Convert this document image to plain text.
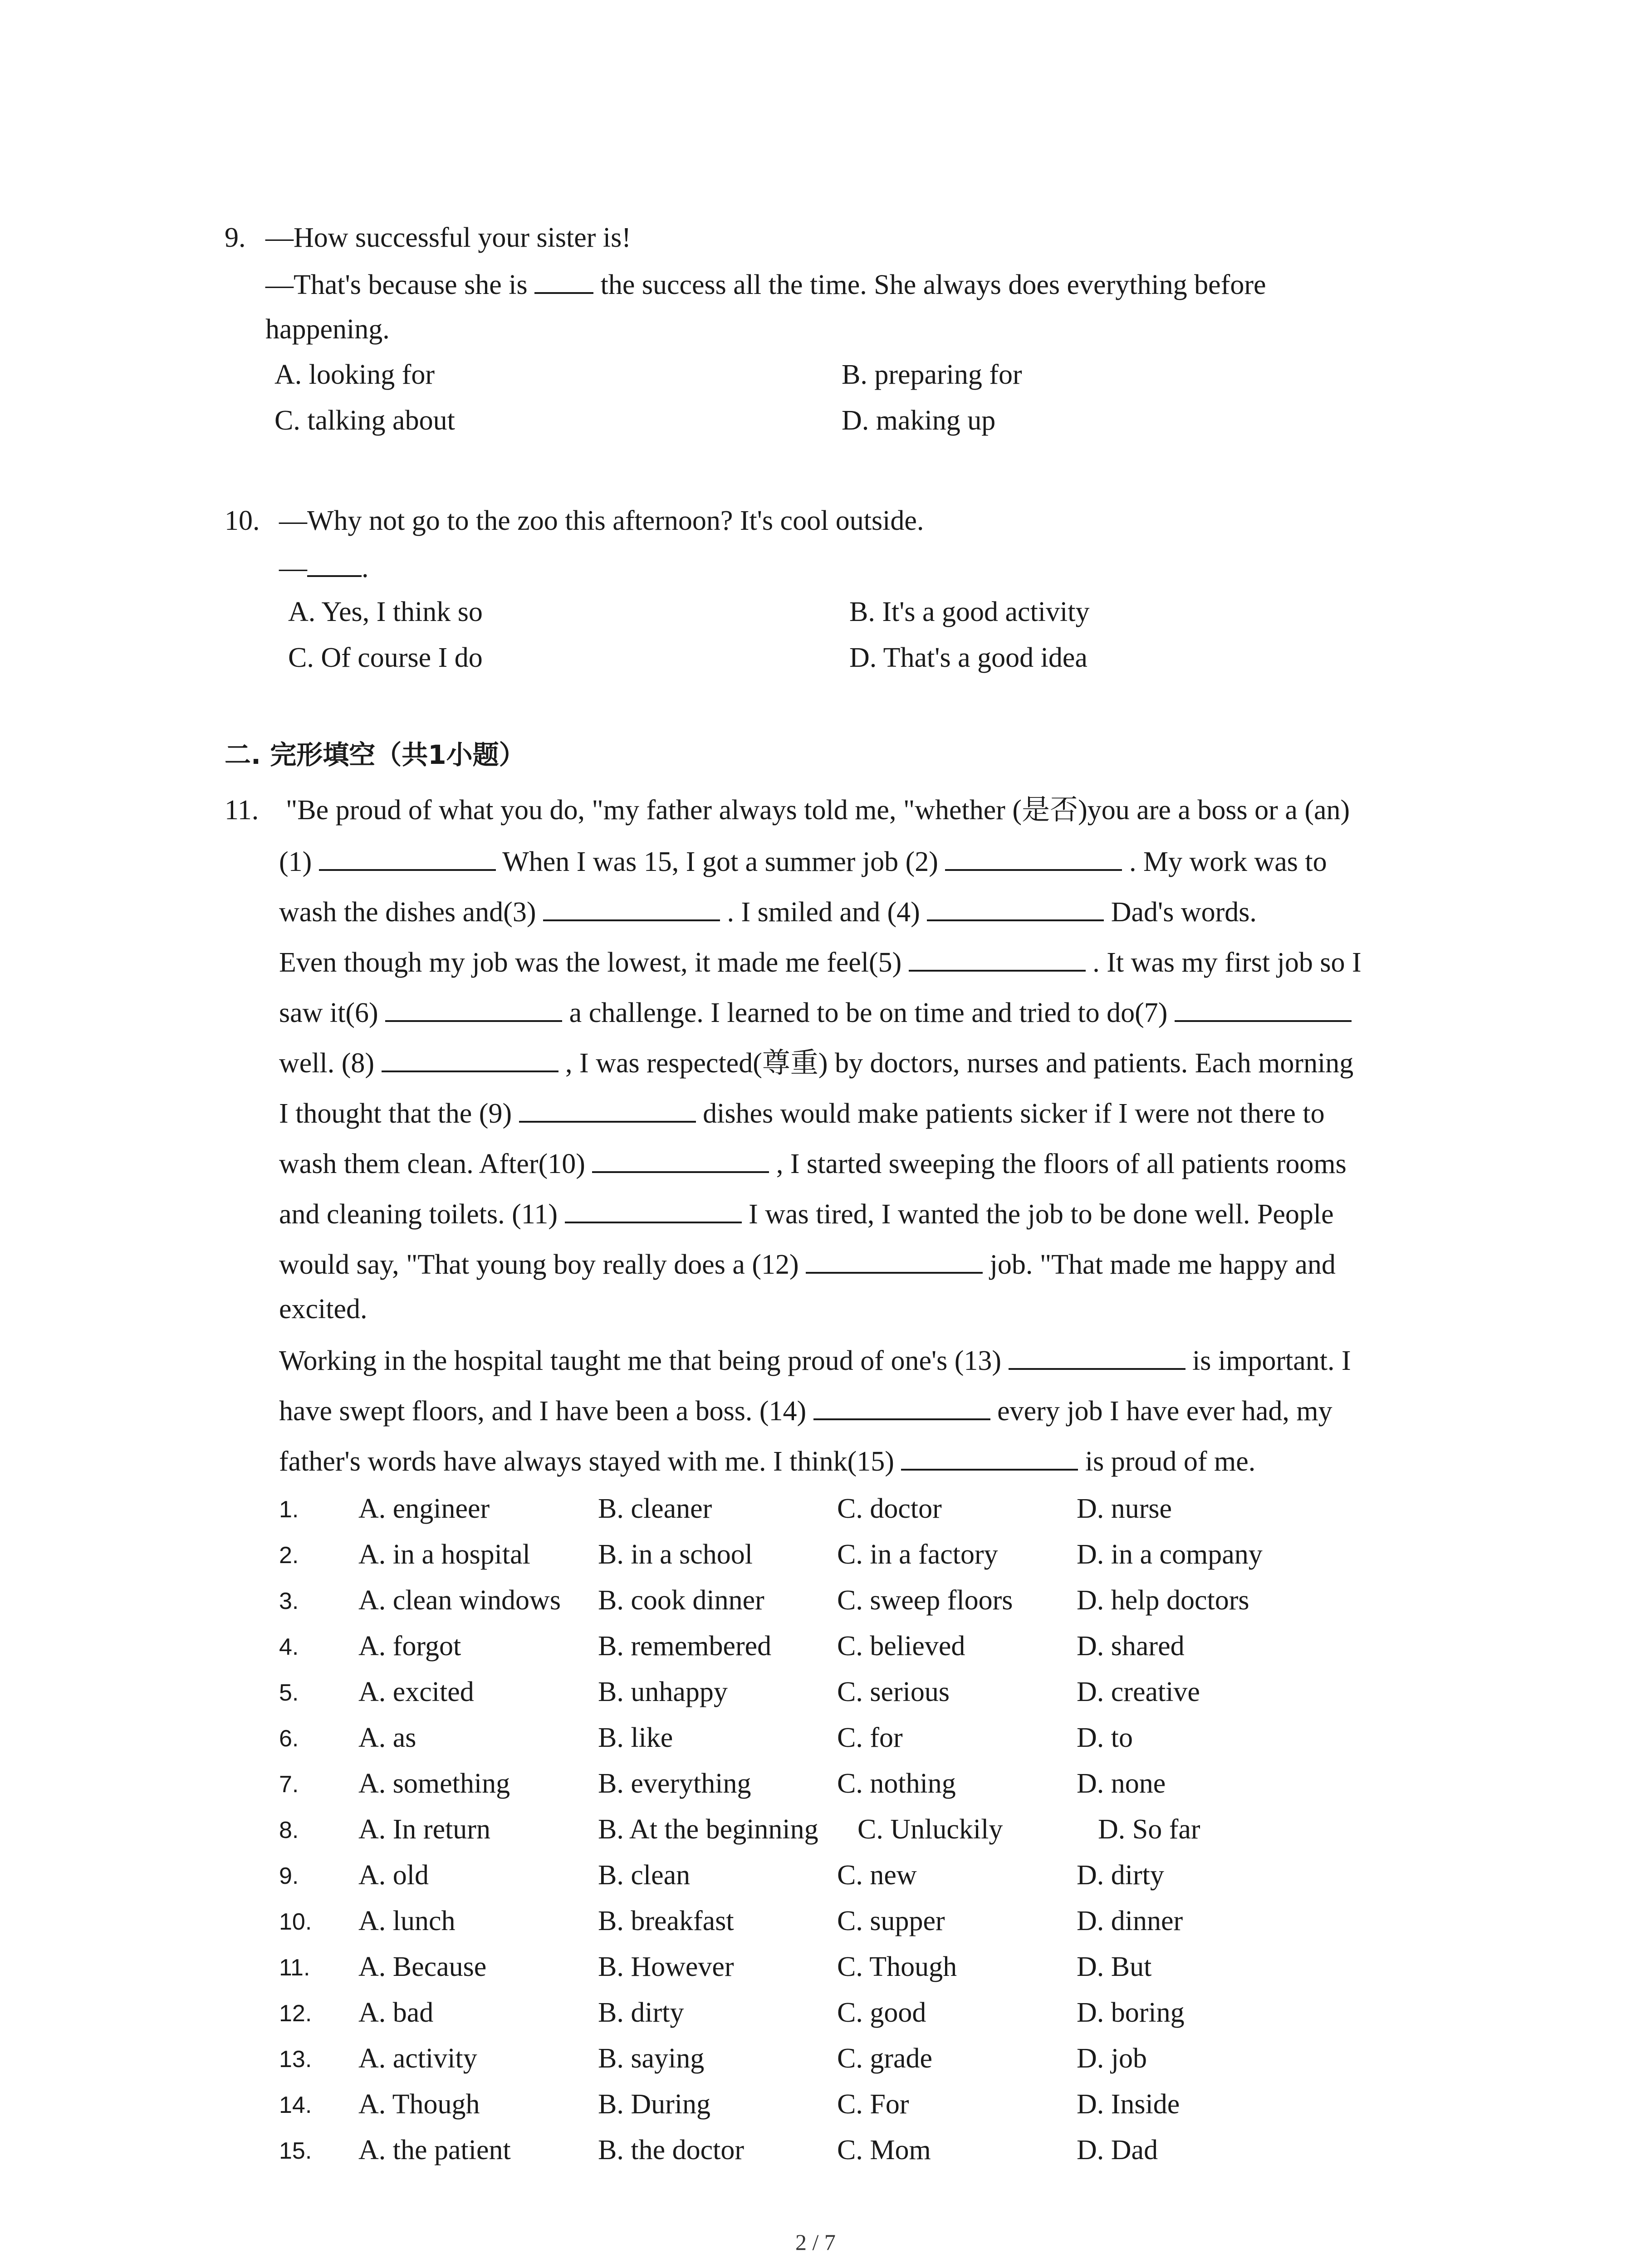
9. —How successful your sister is!
—That's because she is	the success all the time. She always does everything before
happening.
A. looking for	B. preparing for
C. talking about	D. making up
10. —Why not go to the zoo this afternoon? It's cool outside.
— .
A. Yes, I think so	B. It's a good activity
C. Of course I do	D. That's a good idea
二. 完形填空（共1小题）
11. "Be proud of what you do, "my father always told me, "whether (是否)you are a boss or a (an)
(1)	When I was 15, I got a summer job (2)	. My work was to
wash the dishes and(3)	. I smiled and (4)	Dad's words.
Even though my job was the lowest, it made me feel(5)	. It was my first job so I
saw it(6)	a challenge. I learned to be on time and tried to do(7)
well. (8)	, I was respected(尊重) by doctors, nurses and patients. Each morning
I thought that the (9)	dishes would make patients sicker if I were not there to
wash them clean. After(10)	, I started sweeping the floors of all patients rooms
and cleaning toilets. (11)	I was tired, I wanted the job to be done well. People
would say, "That young boy really does a (12)	job. "That made me happy and
excited.
Working in the hospital taught me that being proud of one's (13)	is important. I
have swept floors, and I have been a boss. (14)	every job I have ever had, my
father's words have always stayed with me. I think(15)	is proud of me.
1. A. engineer	B. cleaner	C. doctor	D. nurse
2. A. in a hospital B. in a school	C. in a factory	D. in a company
3. A. clean windows B. cook dinner	C. sweep floors D. help doctors
4. A. forgot	B. remembered C. believed	D. shared
5. A. excited	B. unhappy	C. serious	D. creative
6. A. as	B. like	C. for	D. to
7. A. something	B. everything	C. nothing	D. none
8. A. In return	B. At the beginning C. Unluckily	D. So far
9. A. old	B. clean	C. new	D. dirty
10. A. lunch	B. breakfast	C. supper	D. dinner
11. A. Because	B. However	C. Though	D. But
12. A. bad	B. dirty	C. good	D. boring
13. A. activity	B. saying	C. grade	D. job
14. A. Though	B. During	C. For	D. Inside
15. A. the patient	B. the doctor	C. Mom	D. Dad
2 / 7
